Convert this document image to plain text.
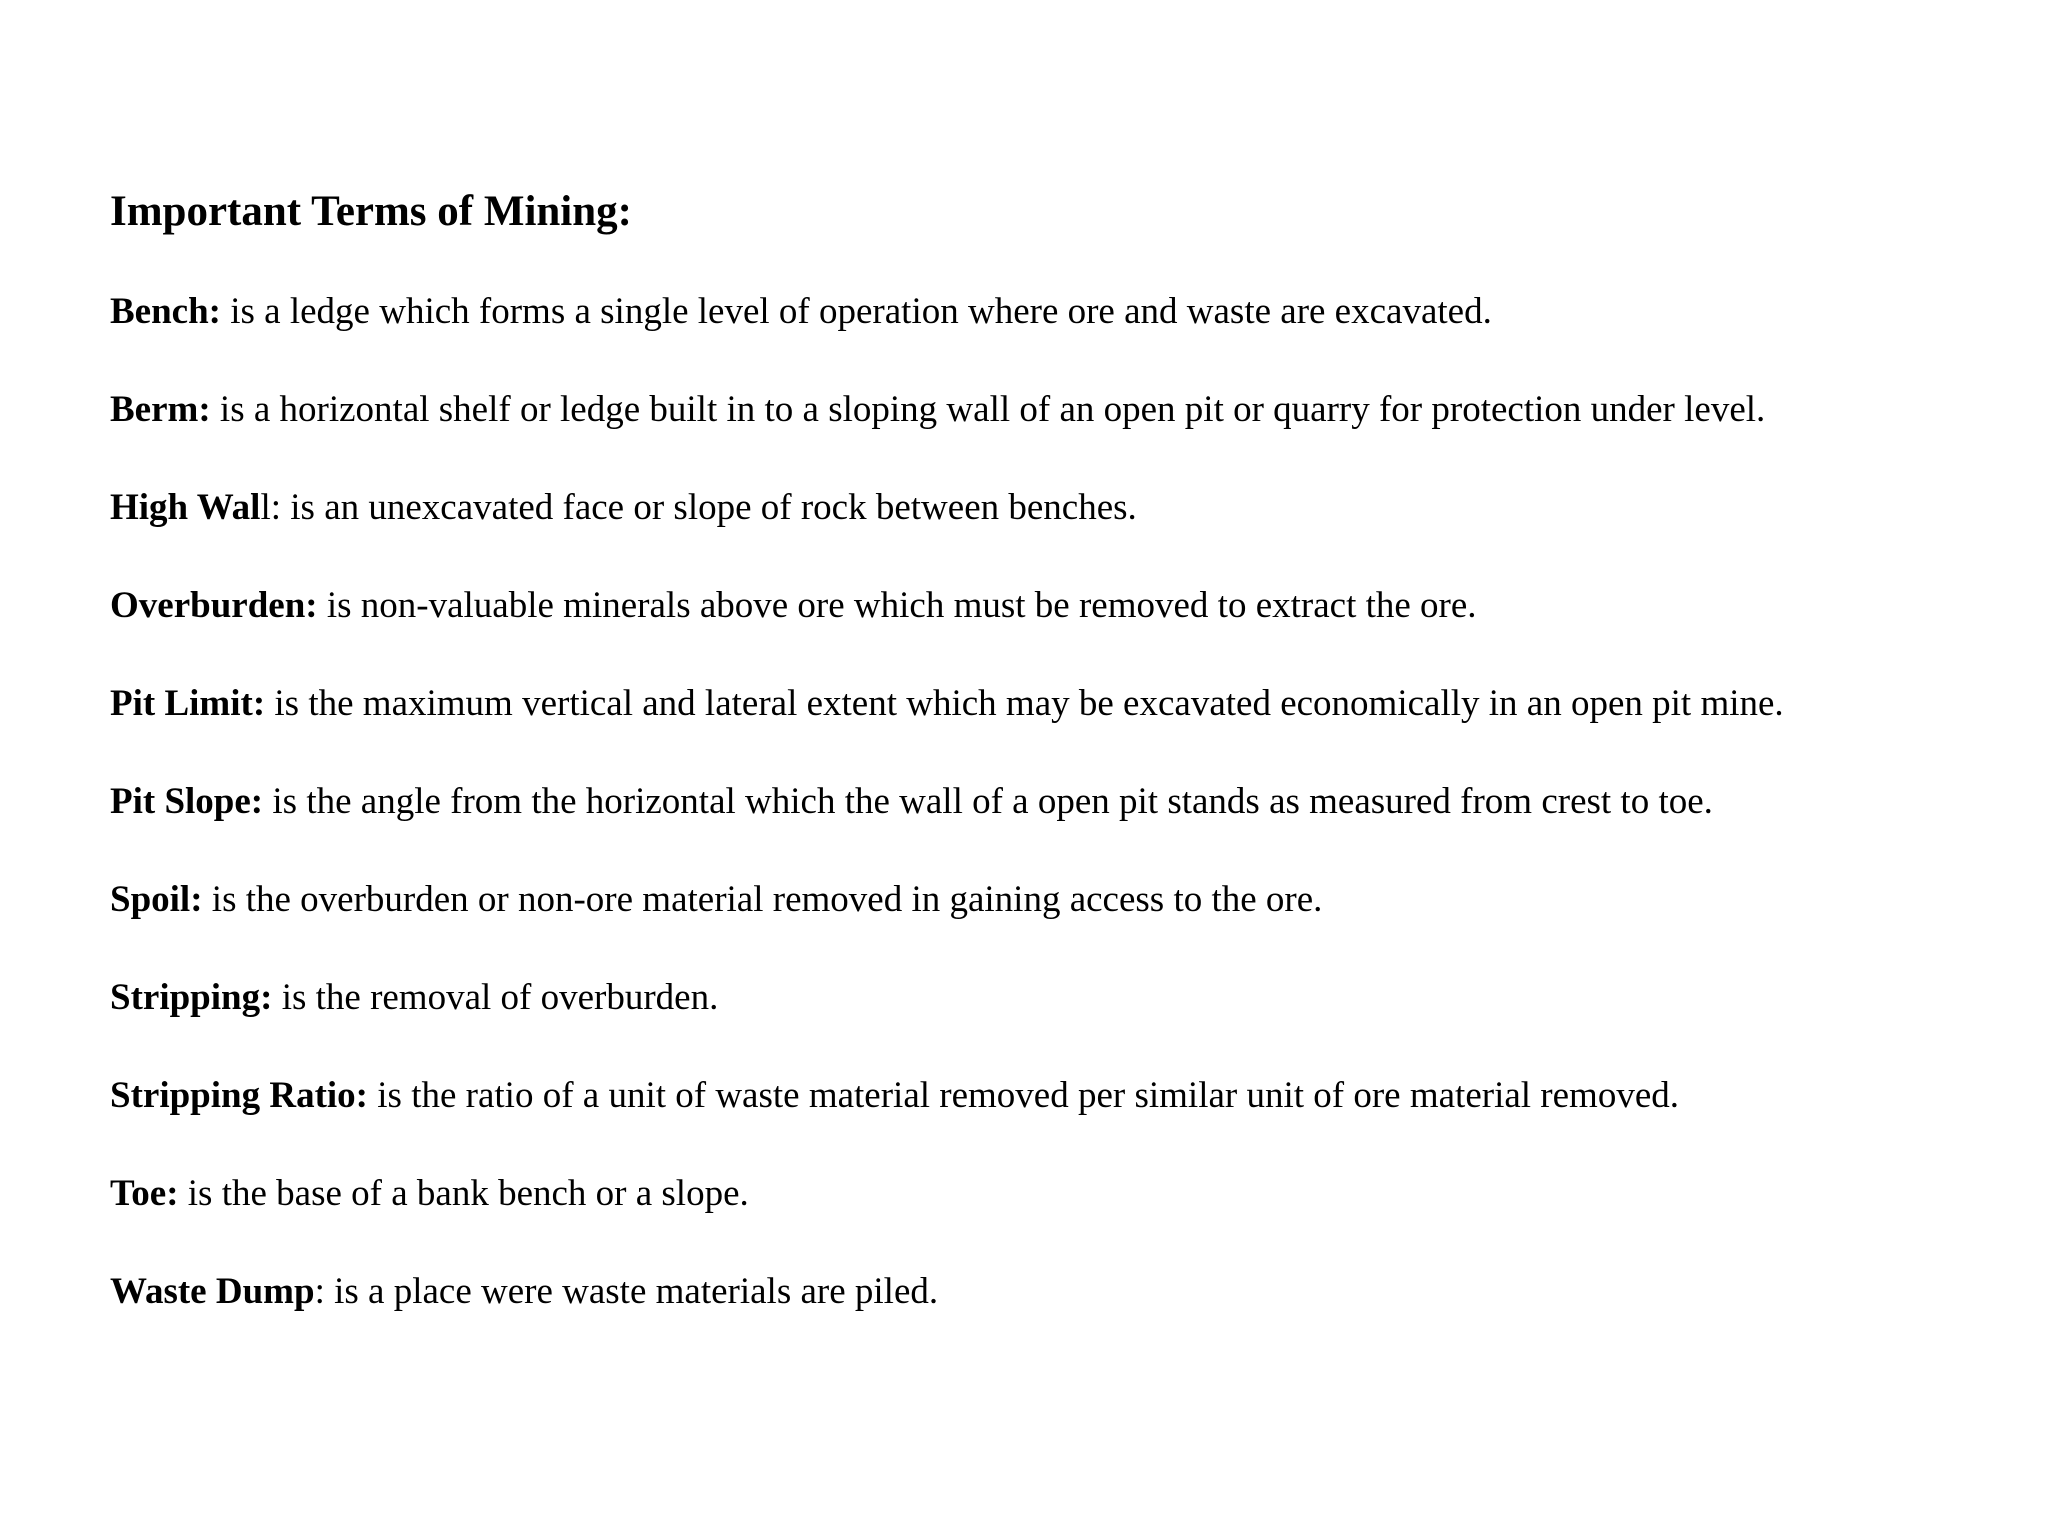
Important Terms of Mining:

Bench: is a ledge which forms a single level of operation where ore and waste are excavated.

Berm: is a horizontal shelf or ledge built in to a sloping wall of an open pit or quarry for protection under level.

High Wall: is an unexcavated face or slope of rock between benches.

Overburden: is non-valuable minerals above ore which must be removed to extract the ore.

Pit Limit: is the maximum vertical and lateral extent which may be excavated economically in an open pit mine.

Pit Slope: is the angle from the horizontal which the wall of a open pit stands as measured from crest to toe.

Spoil: is the overburden or non-ore material removed in gaining access to the ore.

Stripping: is the removal of overburden.

Stripping Ratio: is the ratio of a unit of waste material removed per similar unit of ore material removed.

Toe: is the base of a bank bench or a slope.

Waste Dump: is a place were waste materials are piled.
